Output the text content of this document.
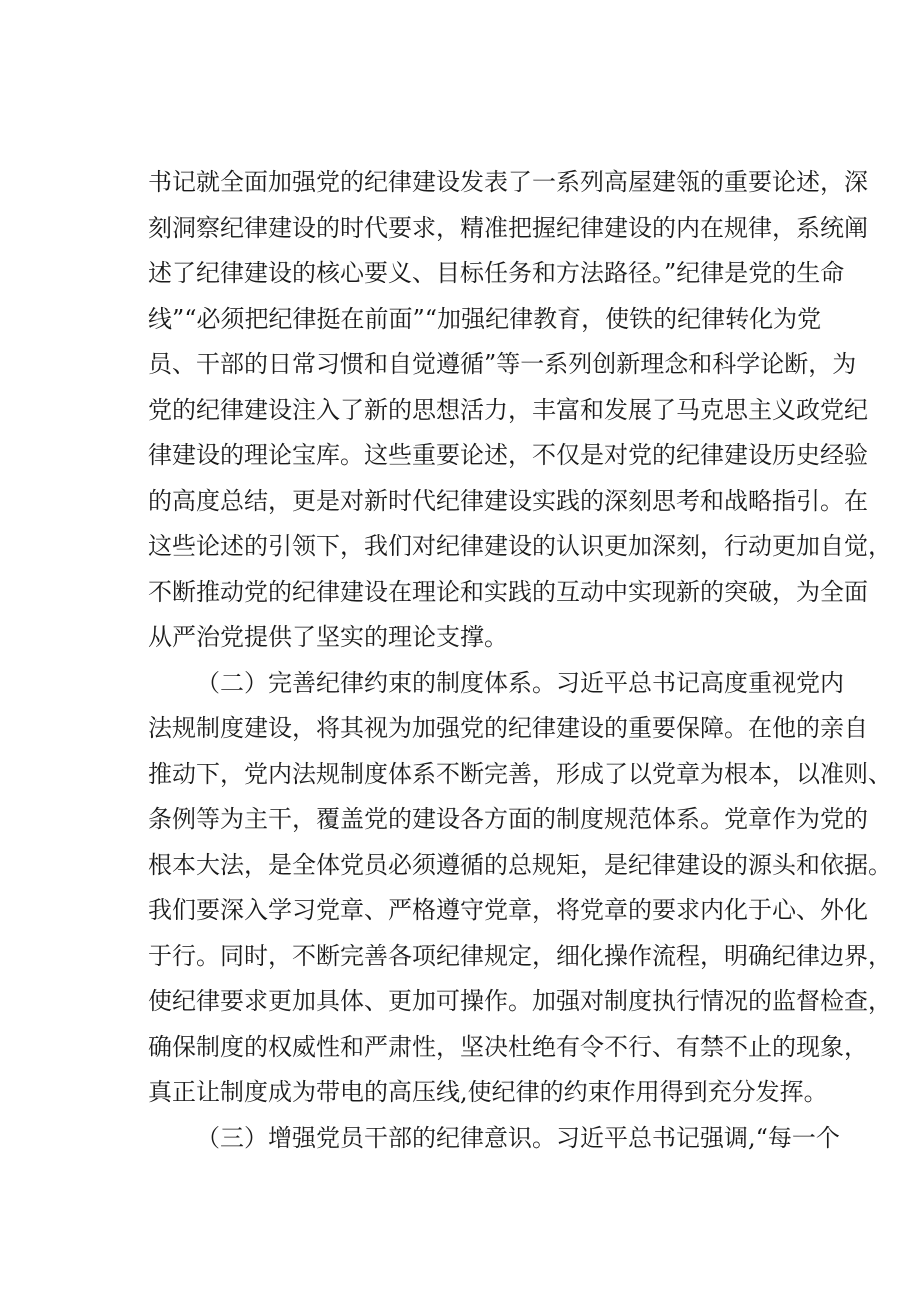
书记就全面加强党的纪律建设发表了一系列高屋建瓴的重要论述，深
刻洞察纪律建设的时代要求，精准把握纪律建设的内在规律，系统阐
述了纪律建设的核心要义、目标任务和方法路径。”纪律是党的生命
线”“必须把纪律挺在前面”“加强纪律教育，使铁的纪律转化为党
员、干部的日常习惯和自觉遵循”等一系列创新理念和科学论断，为
党的纪律建设注入了新的思想活力，丰富和发展了马克思主义政党纪
律建设的理论宝库。这些重要论述，不仅是对党的纪律建设历史经验
的高度总结，更是对新时代纪律建设实践的深刻思考和战略指引。在
这些论述的引领下，我们对纪律建设的认识更加深刻，行动更加自觉，
不断推动党的纪律建设在理论和实践的互动中实现新的突破，为全面
从严治党提供了坚实的理论支撑。
（二）完善纪律约束的制度体系。习近平总书记高度重视党内
法规制度建设，将其视为加强党的纪律建设的重要保障。在他的亲自
推动下，党内法规制度体系不断完善，形成了以党章为根本，以准则、
条例等为主干，覆盖党的建设各方面的制度规范体系。党章作为党的
根本大法，是全体党员必须遵循的总规矩，是纪律建设的源头和依据。
我们要深入学习党章、严格遵守党章，将党章的要求内化于心、外化
于行。同时，不断完善各项纪律规定，细化操作流程，明确纪律边界，
使纪律要求更加具体、更加可操作。加强对制度执行情况的监督检查，
确保制度的权威性和严肃性，坚决杜绝有令不行、有禁不止的现象，
真正让制度成为带电的高压线,使纪律的约束作用得到充分发挥。
（三）增强党员干部的纪律意识。习近平总书记强调,“每一个
